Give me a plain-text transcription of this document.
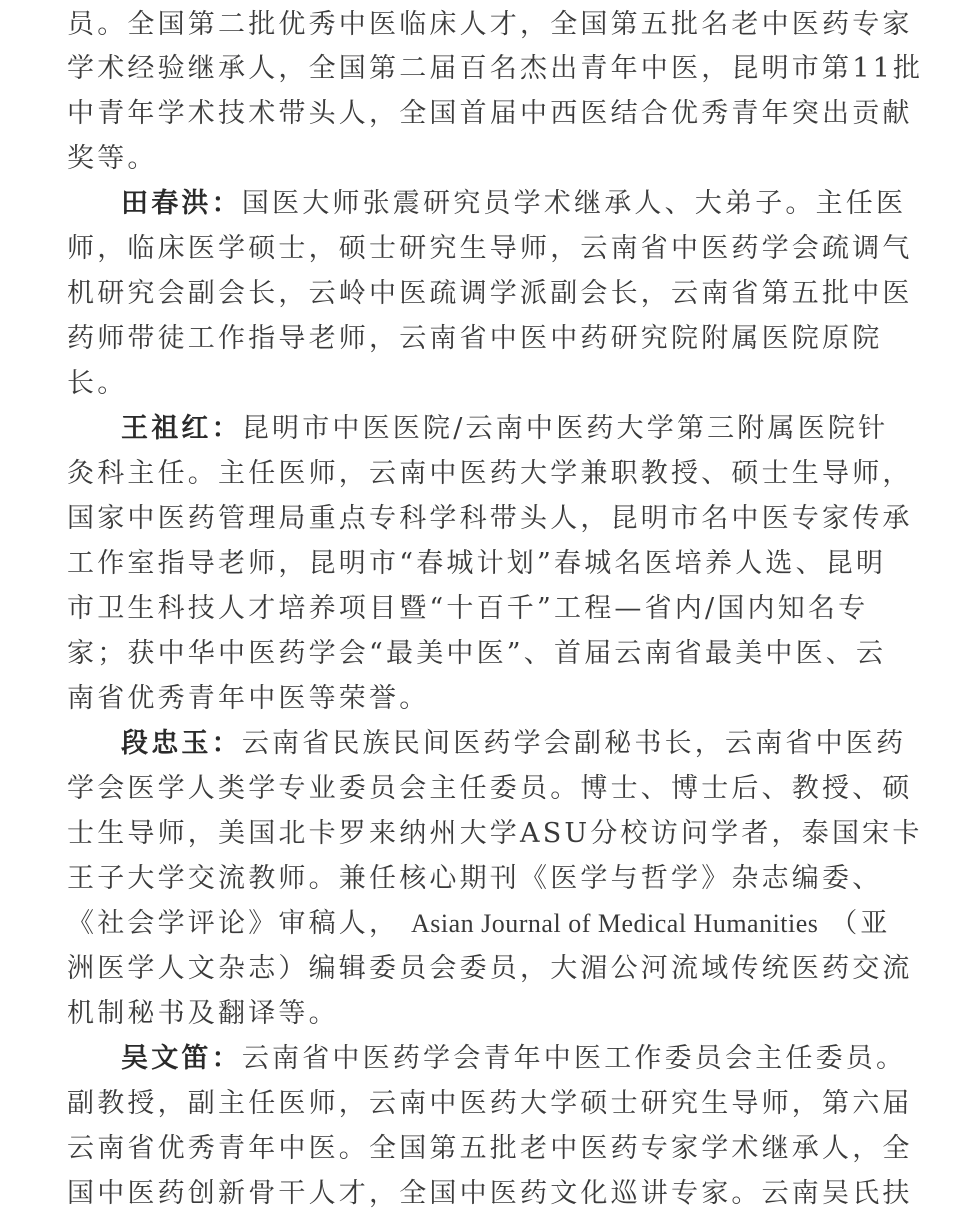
员。全国第二批优秀中医临床人才，全国第五批名老中医药专家
学术经验继承人，全国第二届百名杰出青年中医，昆明市第11批
中青年学术技术带头人，全国首届中西医结合优秀青年突出贡献
奖等。
田春洪：国医大师张震研究员学术继承人、大弟子。主任医
师，临床医学硕士，硕士研究生导师，云南省中医药学会疏调气
机研究会副会长，云岭中医疏调学派副会长，云南省第五批中医
药师带徒工作指导老师，云南省中医中药研究院附属医院原院
长。
王祖红：昆明市中医医院/云南中医药大学第三附属医院针
灸科主任。主任医师，云南中医药大学兼职教授、硕士生导师，
国家中医药管理局重点专科学科带头人，昆明市名中医专家传承
工作室指导老师，昆明市“春城计划”春城名医培养人选、昆明
市卫生科技人才培养项目暨“十百千”工程—省内/国内知名专
家；获中华中医药学会“最美中医”、首届云南省最美中医、云
南省优秀青年中医等荣誉。
段忠玉：云南省民族民间医药学会副秘书长，云南省中医药
学会医学人类学专业委员会主任委员。博士、博士后、教授、硕
士生导师，美国北卡罗来纳州大学ASU分校访问学者，泰国宋卡
王子大学交流教师。兼任核心期刊《医学与哲学》杂志编委、
《社会学评论》审稿人， Asian Journal of Medical Humanities （亚
洲医学人文杂志）编辑委员会委员，大湄公河流域传统医药交流
机制秘书及翻译等。
吴文笛：云南省中医药学会青年中医工作委员会主任委员。
副教授，副主任医师，云南中医药大学硕士研究生导师，第六届
云南省优秀青年中医。全国第五批老中医药专家学术继承人，全
国中医药创新骨干人才，全国中医药文化巡讲专家。云南吴氏扶
